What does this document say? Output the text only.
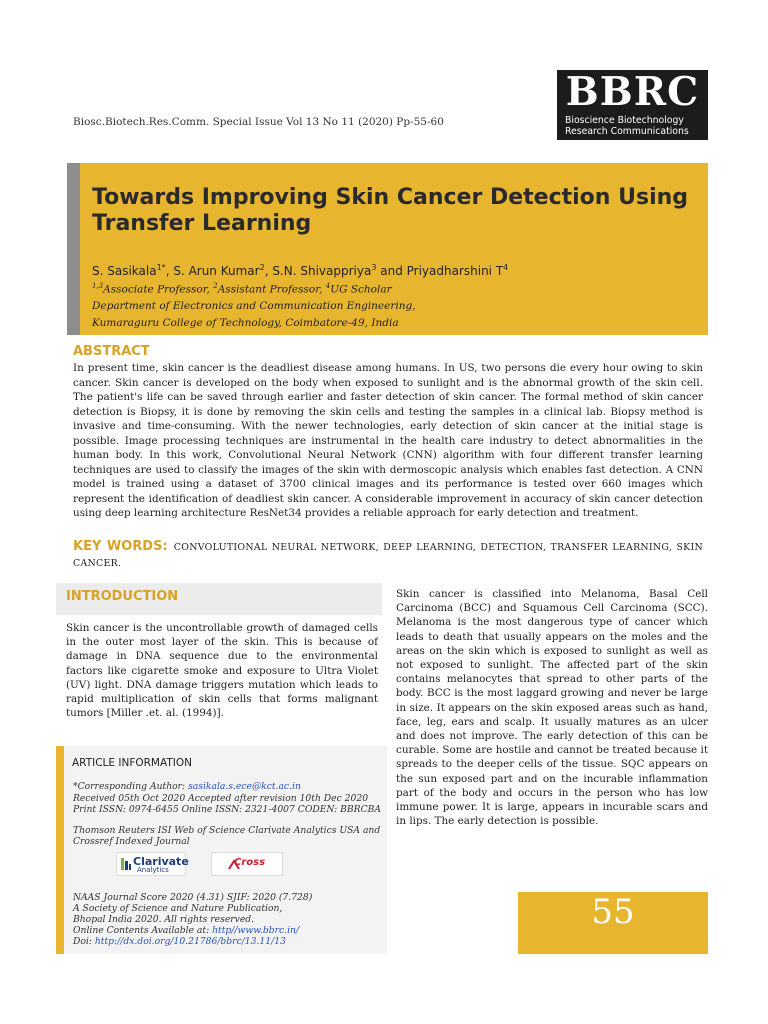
Biosc.Biotech.Res.Comm. Special Issue Vol 13 No 11 (2020) Pp-55-60
BBRC
Bioscience Biotechnology
Research Communications
Towards Improving Skin Cancer Detection Using Transfer Learning
S. Sasikala$^{1*}$, S. Arun Kumar$^2$, S.N. Shivappriya$^3$ and Priyadharshini $T^4$
$^{1,3}$Associate Professor, $^2$Assistant Professor, $^4$UG Scholar
Department of Electronics and Communication Engineering,
Kumaraguru College of Technology, Coimbatore-49, India
ABSTRACT
In present time, skin cancer is the deadliest disease among humans. In US, two persons die every hour owing to skin cancer. Skin cancer is developed on the body when exposed to sunlight and is the abnormal growth of the skin cell. The patient's life can be saved through earlier and faster detection of skin cancer. The formal method of skin cancer detection is Biopsy, it is done by removing the skin cells and testing the samples in a clinical lab. Biopsy method is invasive and time-consuming. With the newer technologies, early detection of skin cancer at the initial stage is possible. Image processing techniques are instrumental in the health care industry to detect abnormalities in the human body. In this work, Convolutional Neural Network (CNN) algorithm with four different transfer learning techniques are used to classify the images of the skin with dermoscopic analysis which enables fast detection. A CNN model is trained using a dataset of 3700 clinical images and its performance is tested over 660 images which represent the identification of deadliest skin cancer. A considerable improvement in accuracy of skin cancer detection using deep learning architecture ResNet34 provides a reliable approach for early detection and treatment.
KEY WORDS: CONVOLUTIONAL NEURAL NETWORK, DEEP LEARNING, DETECTION, TRANSFER LEARNING, SKIN CANCER.
INTRODUCTION
Skin cancer is the uncontrollable growth of damaged cells in the outer most layer of the skin. This is because of damage in DNA sequence due to the environmental factors like cigarette smoke and exposure to Ultra Violet (UV) light. DNA damage triggers mutation which leads to rapid multiplication of skin cells that forms malignant tumors [Miller .et. al. (1994)].
ARTICLE INFORMATION
*Corresponding Author: sasikala.s.ece@kct.ac.in
Received 05th Oct 2020 Accepted after revision 10th Dec 2020
Print ISSN: 0974-6455 Online ISSN: 2321-4007 CODEN: BBRCBA
Thomson Reuters ISI Web of Science Clarivate Analytics USA and
Crossref Indexed Journal
Clarivate
Analytics
Cross
NAAS Journal Score 2020 (4.31) SJIF: 2020 (7.728)
A Society of Science and Nature Publication,
Bhopal India 2020. All rights reserved.
Online Contents Available at: http//www.bbrc.in/
Doi: http://dx.doi.org/10.21786/bbrc/13.11/13
Skin cancer is classified into Melanoma, Basal Cell Carcinoma (BCC) and Squamous Cell Carcinoma (SCC). Melanoma is the most dangerous type of cancer which leads to death that usually appears on the moles and the areas on the skin which is exposed to sunlight as well as not exposed to sunlight. The affected part of the skin contains melanocytes that spread to other parts of the body. BCC is the most laggard growing and never be large in size. It appears on the skin exposed areas such as hand, face, leg, ears and scalp. It usually matures as an ulcer and does not improve. The early detection of this can be curable. Some are hostile and cannot be treated because it spreads to the deeper cells of the tissue. SQC appears on the sun exposed part and on the incurable inflammation part of the body and occurs in the person who has low immune power. It is large, appears in incurable scars and in lips. The early detection is possible.
55
